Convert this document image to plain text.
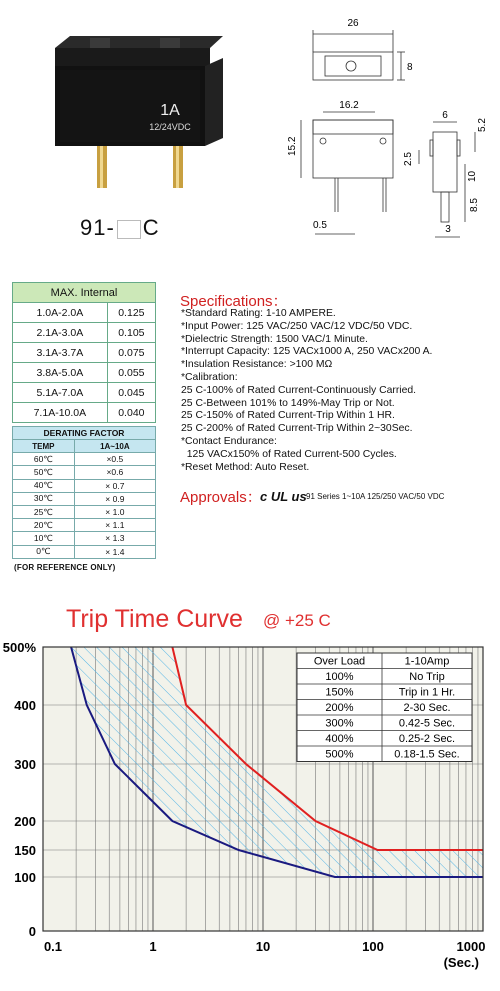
1A
12/24VDC
91- C
26
8
16.2
6
5.2
15.2
2.5
10
8.5
0.5	3
MAX. Internal	
1.0A-2.0A	0.125
2.1A-3.0A	0.105
3.1A-3.7A	0.075
3.8A-5.0A	0.055
5.1A-7.0A	0.045
7.1A-10.0A	0.040
DERATING FACTOR	
TEMP	1A~10A
60℃	×0.5
50℃	×0.6
40℃	× 0.7
30℃	× 0.9
25℃	× 1.0
20℃	× 1.1
10℃	× 1.3
0℃	× 1.4
(FOR REFERENCE ONLY)
Specifications：
*Standard Rating: 1-10 AMPERE.
*Input Power: 125 VAC/250 VAC/12 VDC/50 VDC.
*Dielectric Strength: 1500 VAC/1 Minute.
*Interrupt Capacity: 125 VACx1000 A, 250 VACx200 A.
*Insulation Resistance: >100 MΩ
*Calibration:
25 C-100% of Rated Current-Continuously Carried.
25 C-Between 101% to 149%-May Trip or Not.
25 C-150% of Rated Current-Trip Within 1 HR.
25 C-200% of Rated Current-Trip Within 2~30Sec.
*Contact Endurance:
125 VACx150% of Rated Current-500 Cycles.
*Reset Method: Auto Reset.
Approvals：
c UL us 91 Series 1~10A 125/250 VAC/50 VDC
Trip Time Curve @ +25 C
500%
400
300
200
150
100
0
0.1	1	10	100	1000
(Sec.)
Over Load	1-10Amp
100%	No Trip
150%	Trip in 1 Hr.
200%	2-30 Sec.
300%	0.42-5 Sec.
400%	0.25-2 Sec.
500%	0.18-1.5 Sec.
